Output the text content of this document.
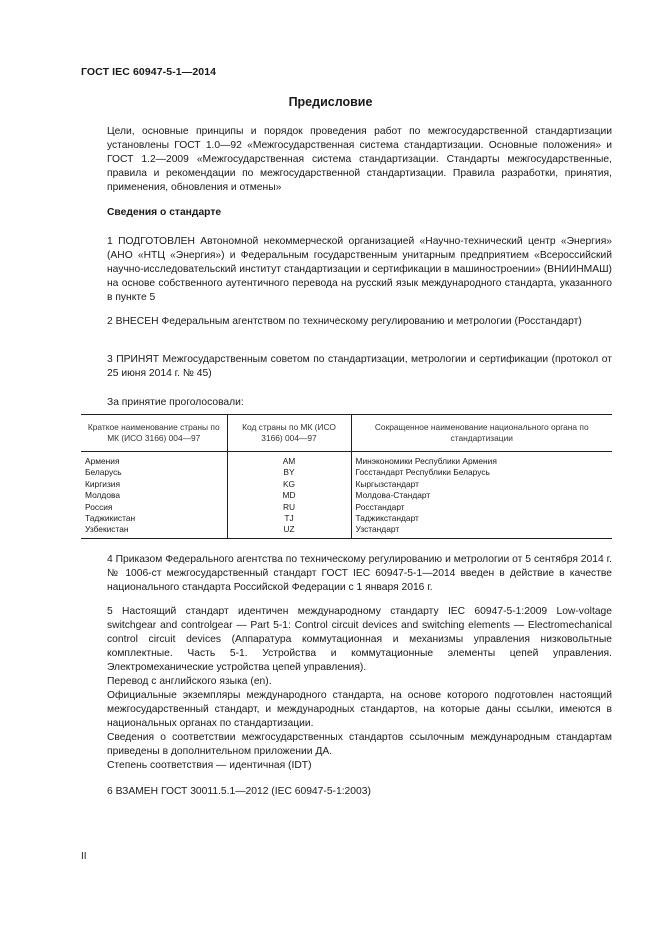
ГОСТ IEC 60947-5-1—2014
Предисловие
Цели, основные принципы и порядок проведения работ по межгосударственной стандартизации установлены ГОСТ 1.0—92 «Межгосударственная система стандартизации. Основные положения» и ГОСТ 1.2—2009 «Межгосударственная система стандартизации. Стандарты межгосударственные, правила и рекомендации по межгосударственной стандартизации. Правила разработки, принятия, применения, обновления и отмены»
Сведения о стандарте
1 ПОДГОТОВЛЕН Автономной некоммерческой организацией «Научно-технический центр «Энергия» (АНО «НТЦ «Энергия») и Федеральным государственным унитарным предприятием «Всероссийский научно-исследовательский институт стандартизации и сертификации в машиностроении» (ВНИИНМАШ) на основе собственного аутентичного перевода на русский язык международного стандарта, указанного в пункте 5
2 ВНЕСЕН Федеральным агентством по техническому регулированию и метрологии (Росстандарт)
3 ПРИНЯТ Межгосударственным советом по стандартизации, метрологии и сертификации (протокол от 25 июня 2014 г. № 45)
За принятие проголосовали:
Краткое наименование страны по МК (ИСО 3166) 004—97	Код страны по МК (ИСО 3166) 004—97	Сокращенное наименование национального органа по стандартизации
Армения	AM	Минэкономики Республики Армения
Беларусь	BY	Госстандарт Республики Беларусь
Киргизия	KG	Кыргызстандарт
Молдова	MD	Молдова-Стандарт
Россия	RU	Росстандарт
Таджикистан	TJ	Таджикстандарт
Узбекистан	UZ	Узстандарт
4 Приказом Федерального агентства по техническому регулированию и метрологии от 5 сентября 2014 г. № 1006-ст межгосударственный стандарт ГОСТ IEC 60947-5-1—2014 введен в действие в качестве национального стандарта Российской Федерации с 1 января 2016 г.
5 Настоящий стандарт идентичен международному стандарту IEC 60947-5-1:2009 Low-voltage switchgear and controlgear — Part 5-1: Control circuit devices and switching elements — Electromechanical control circuit devices (Аппаратура коммутационная и механизмы управления низковольтные комплектные. Часть 5-1. Устройства и коммутационные элементы цепей управления. Электромеханические устройства цепей управления).
Перевод с английского языка (en).
Официальные экземпляры международного стандарта, на основе которого подготовлен настоящий межгосударственный стандарт, и международных стандартов, на которые даны ссылки, имеются в национальных органах по стандартизации.
Сведения о соответствии межгосударственных стандартов ссылочным международным стандартам приведены в дополнительном приложении ДА.
Степень соответствия — идентичная (IDT)
6 ВЗАМЕН ГОСТ 30011.5.1—2012 (IEC 60947-5-1:2003)
II
